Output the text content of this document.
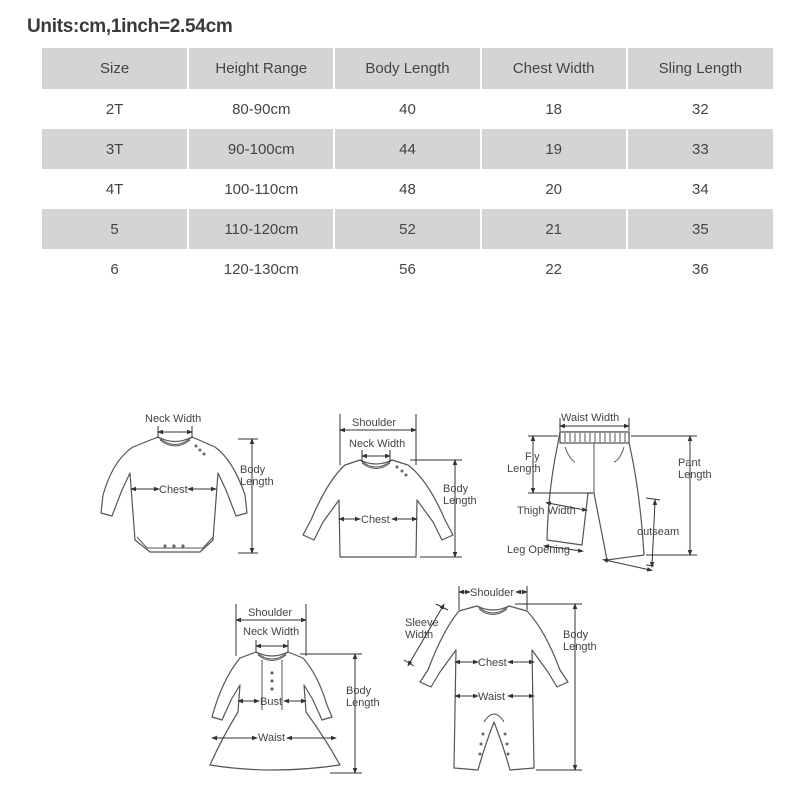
Units:cm,1inch=2.54cm
Size	Height Range	Body Length	Chest Width	Sling Length
2T	80-90cm	40	18	32
3T	90-100cm	44	19	33
4T	100-110cm	48	20	34
5	110-120cm	52	21	35
6	120-130cm	56	22	36
Neck Width
Chest
Body
Length
Shoulder
Neck Width
Chest
Body
Length
Waist Width
Fly
Length	Pant
Length
Thigh Width
outseam
Leg Opening
Shoulder
Neck Width
Bust
Waist
Body
Length
Shoulder
Sleeve
Width
Chest
Waist
Body
Length
